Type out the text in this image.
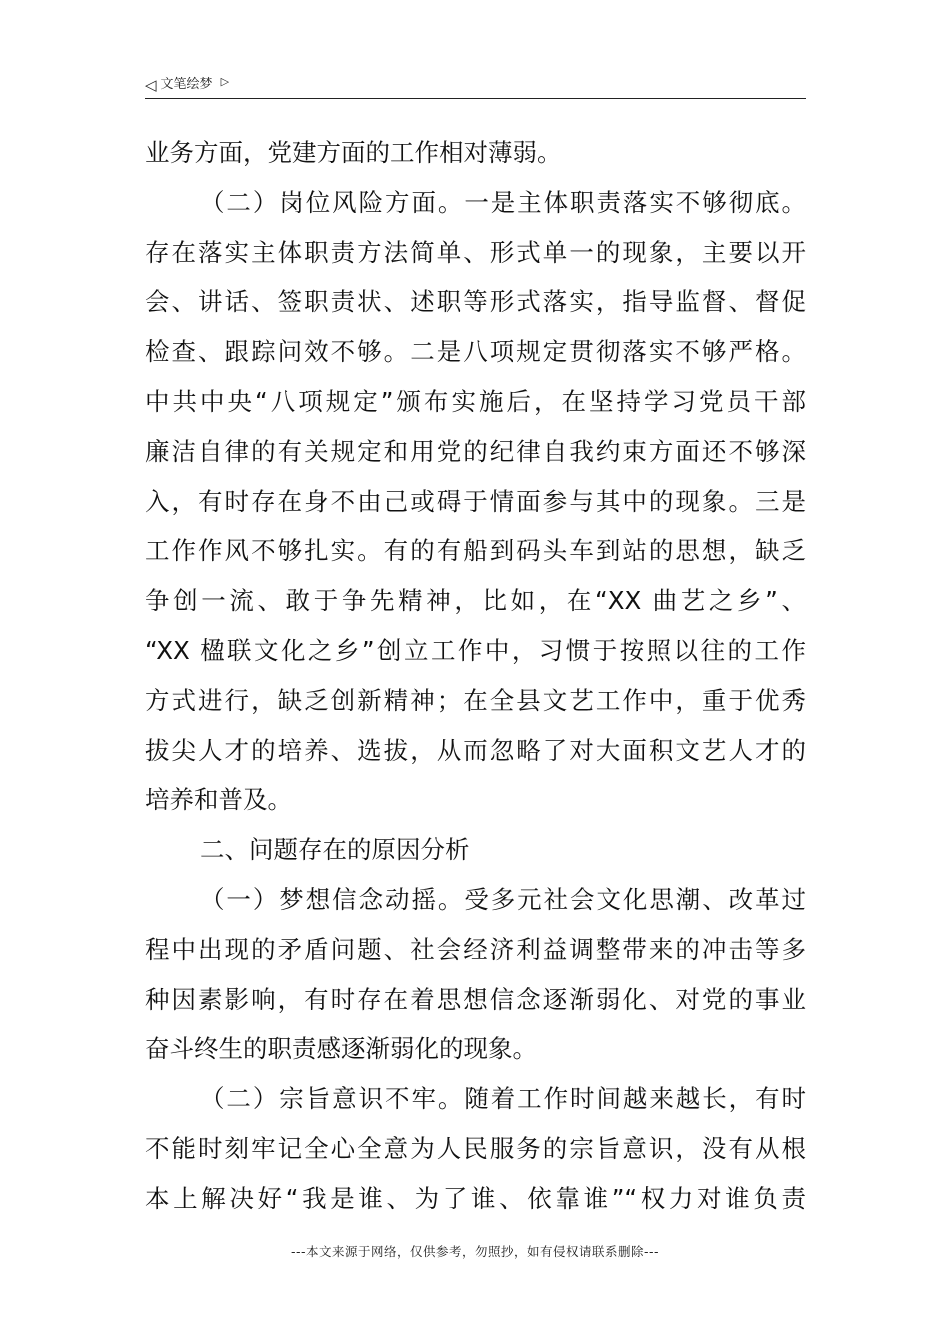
◁ 文笔绘梦 ▷
业务方面，党建方面的工作相对薄弱。
（二）岗位风险方面。一是主体职责落实不够彻底。
存在落实主体职责方法简单、形式单一的现象，主要以开
会、讲话、签职责状、述职等形式落实，指导监督、督促
检查、跟踪问效不够。二是八项规定贯彻落实不够严格。
中共中央“八项规定”颁布实施后，在坚持学习党员干部
廉洁自律的有关规定和用党的纪律自我约束方面还不够深
入，有时存在身不由己或碍于情面参与其中的现象。三是
工作作风不够扎实。有的有船到码头车到站的思想，缺乏
争创一流、敢于争先精神，比如，在“XX 曲艺之乡”、
“XX 楹联文化之乡”创立工作中，习惯于按照以往的工作
方式进行，缺乏创新精神；在全县文艺工作中，重于优秀
拔尖人才的培养、选拔，从而忽略了对大面积文艺人才的
培养和普及。
二、问题存在的原因分析
（一）梦想信念动摇。受多元社会文化思潮、改革过
程中出现的矛盾问题、社会经济利益调整带来的冲击等多
种因素影响，有时存在着思想信念逐渐弱化、对党的事业
奋斗终生的职责感逐渐弱化的现象。
（二）宗旨意识不牢。随着工作时间越来越长，有时
不能时刻牢记全心全意为人民服务的宗旨意识，没有从根
本上解决好“我是谁、为了谁、依靠谁”“权力对谁负责
---本文来源于网络，仅供参考，勿照抄，如有侵权请联系删除---
